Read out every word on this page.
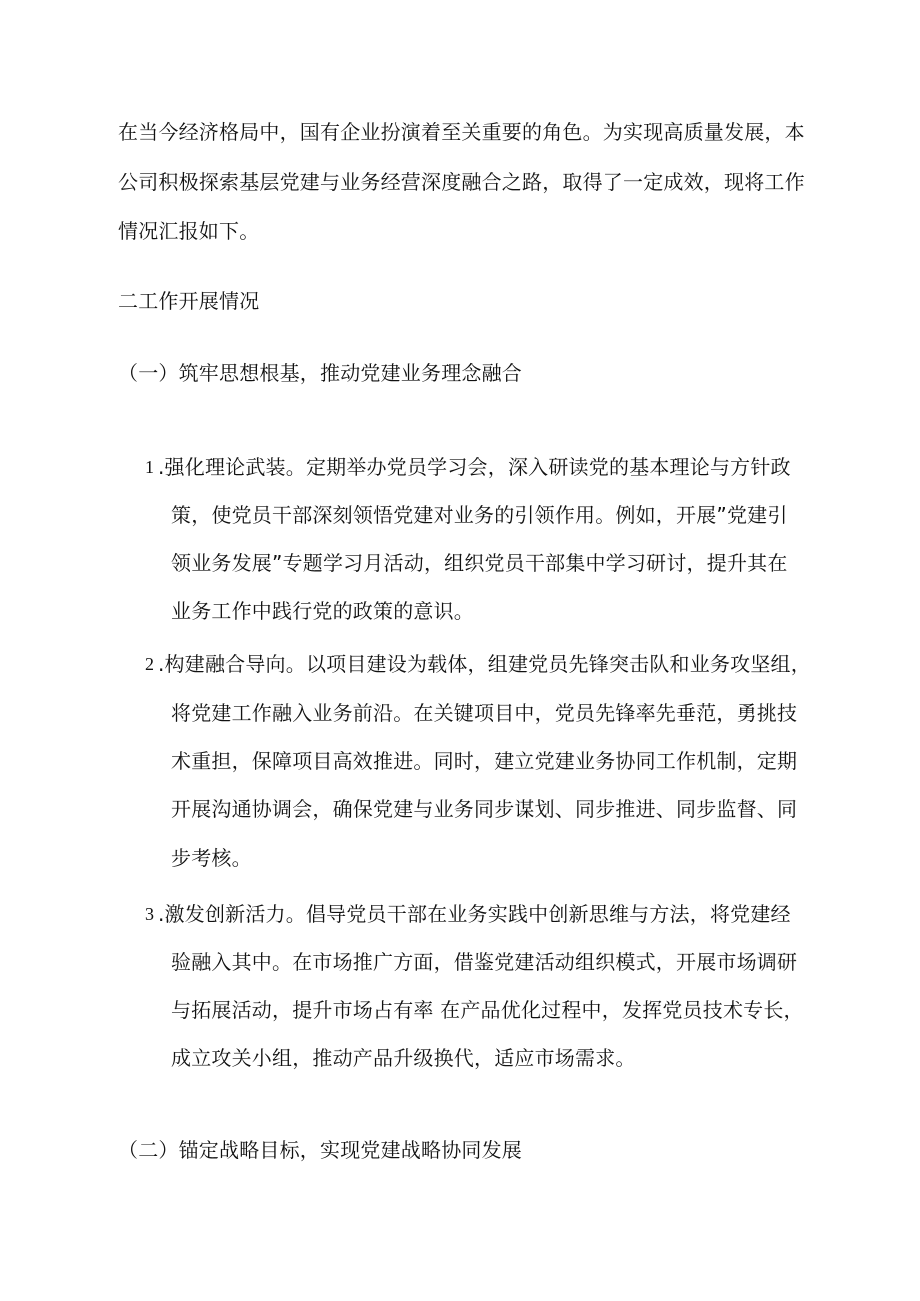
在当今经济格局中，国有企业扮演着至关重要的角色。为实现高质量发展，本
公司积极探索基层党建与业务经营深度融合之路，取得了一定成效，现将工作
情况汇报如下。
二工作开展情况
（一）筑牢思想根基，推动党建业务理念融合
1 .强化理论武装。定期举办党员学习会，深入研读党的基本理论与方针政
策，使党员干部深刻领悟党建对业务的引领作用。例如，开展”党建引
领业务发展”专题学习月活动，组织党员干部集中学习研讨，提升其在
业务工作中践行党的政策的意识。
2 .构建融合导向。以项目建设为载体，组建党员先锋突击队和业务攻坚组，
将党建工作融入业务前沿。在关键项目中，党员先锋率先垂范，勇挑技
术重担，保障项目高效推进。同时，建立党建业务协同工作机制，定期
开展沟通协调会，确保党建与业务同步谋划、同步推进、同步监督、同
步考核。
3 .激发创新活力。倡导党员干部在业务实践中创新思维与方法，将党建经
验融入其中。在市场推广方面，借鉴党建活动组织模式，开展市场调研
与拓展活动，提升市场占有率 在产品优化过程中，发挥党员技术专长，
成立攻关小组，推动产品升级换代，适应市场需求。
（二）锚定战略目标，实现党建战略协同发展
